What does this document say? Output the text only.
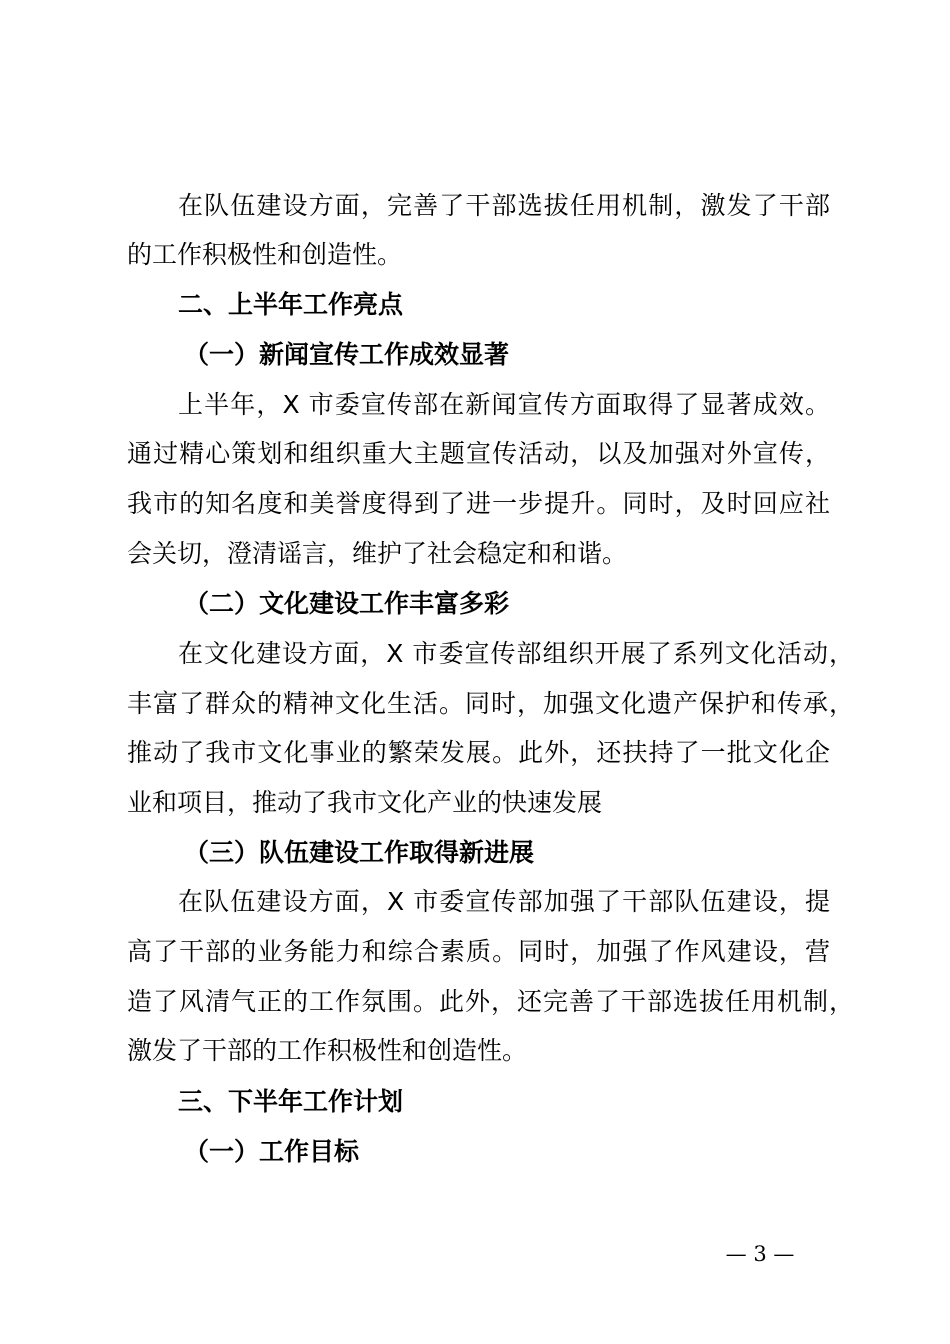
在队伍建设方面，完善了干部选拔任用机制，激发了干部
的工作积极性和创造性。
二、上半年工作亮点
（一）新闻宣传工作成效显著
上半年，X 市委宣传部在新闻宣传方面取得了显著成效。
通过精心策划和组织重大主题宣传活动，以及加强对外宣传，
我市的知名度和美誉度得到了进一步提升。同时，及时回应社
会关切，澄清谣言，维护了社会稳定和和谐。
（二）文化建设工作丰富多彩
在文化建设方面，X 市委宣传部组织开展了系列文化活动，
丰富了群众的精神文化生活。同时，加强文化遗产保护和传承，
推动了我市文化事业的繁荣发展。此外，还扶持了一批文化企
业和项目，推动了我市文化产业的快速发展
（三）队伍建设工作取得新进展
在队伍建设方面，X 市委宣传部加强了干部队伍建设，提
高了干部的业务能力和综合素质。同时，加强了作风建设，营
造了风清气正的工作氛围。此外，还完善了干部选拔任用机制，
激发了干部的工作积极性和创造性。
三、下半年工作计划
（一）工作目标
— 3 —
